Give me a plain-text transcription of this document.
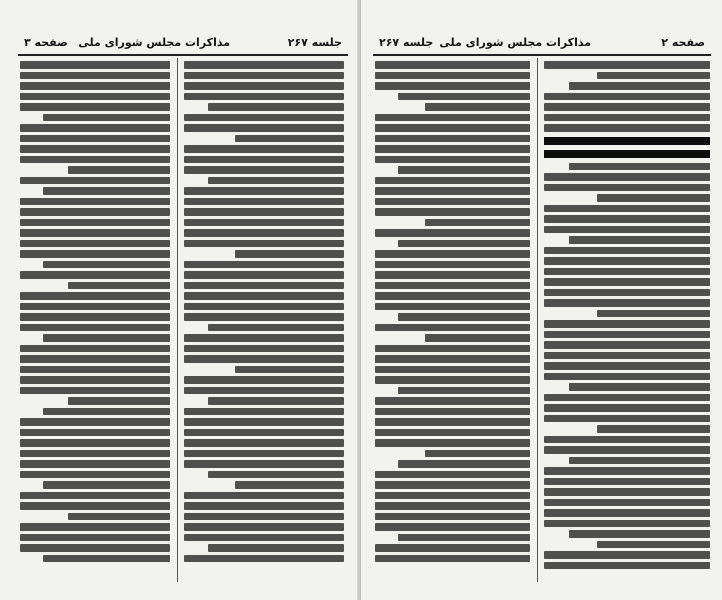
جلسه ۲۶۷
مذاکرات مجلس شورای ملی
صفحه ۳	صفحه ۲
مذاکرات مجلس شورای ملی
جلسه ۲۶۷
